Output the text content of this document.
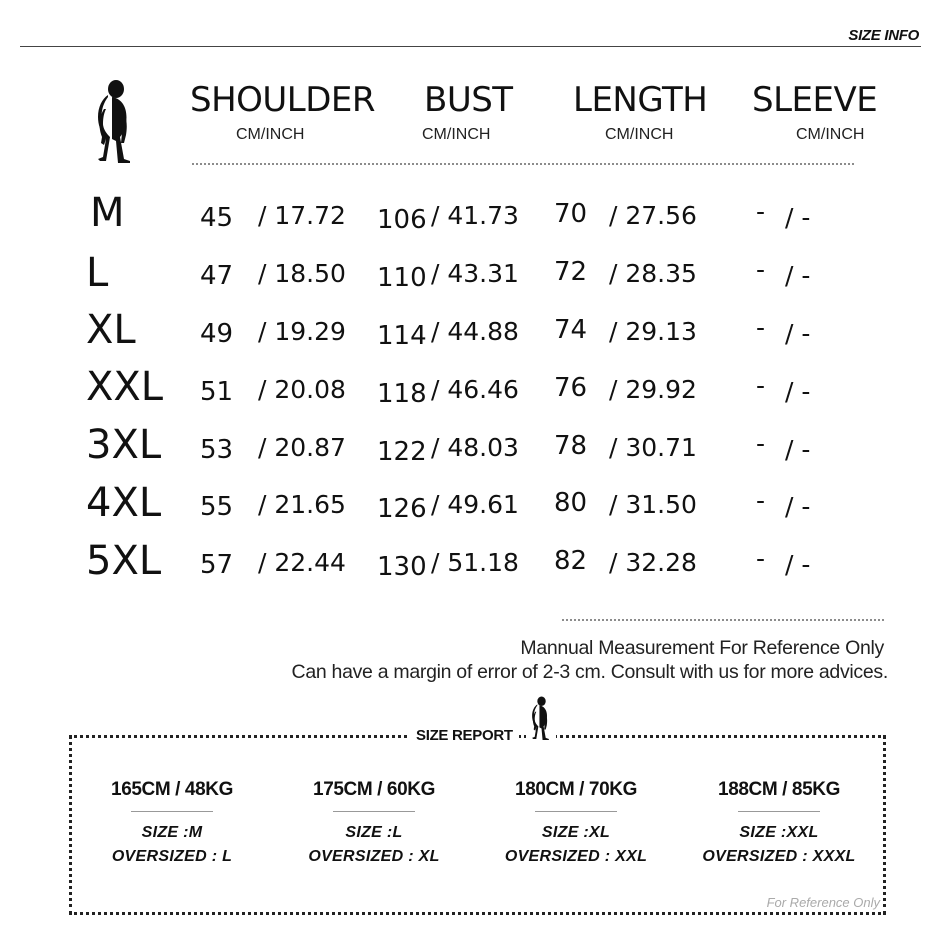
SIZE INFO
SHOULDER
CM/INCH
BUST
CM/INCH
LENGTH
CM/INCH
SLEEVE
CM/INCH
M	45 / 17.72 106 / 41.73 70 / 27.56 - / -
L	47 / 18.50 110 / 43.31 72 / 28.35 - / -
XL 49 / 19.29 114 / 44.88 74 / 29.13 - / -
XXL 51 / 20.08 118 / 46.46 76 / 29.92 - / -
3XL 53 / 20.87 122 / 48.03 78 / 30.71 - / -
4XL 55 / 21.65 126 / 49.61 80 / 31.50 - / -
5XL 57 / 22.44 130 / 51.18 82 / 32.28 - / -
Mannual Measurement For Reference Only
Can have a margin of error of 2-3 cm. Consult with us for more advices.
SIZE REPORT
165CM / 48KG
SIZE :M
OVERSIZED : L
175CM / 60KG
SIZE :L
OVERSIZED : XL
180CM / 70KG
SIZE :XL
OVERSIZED : XXL
188CM / 85KG
SIZE :XXL
OVERSIZED : XXXL
For Reference Only
